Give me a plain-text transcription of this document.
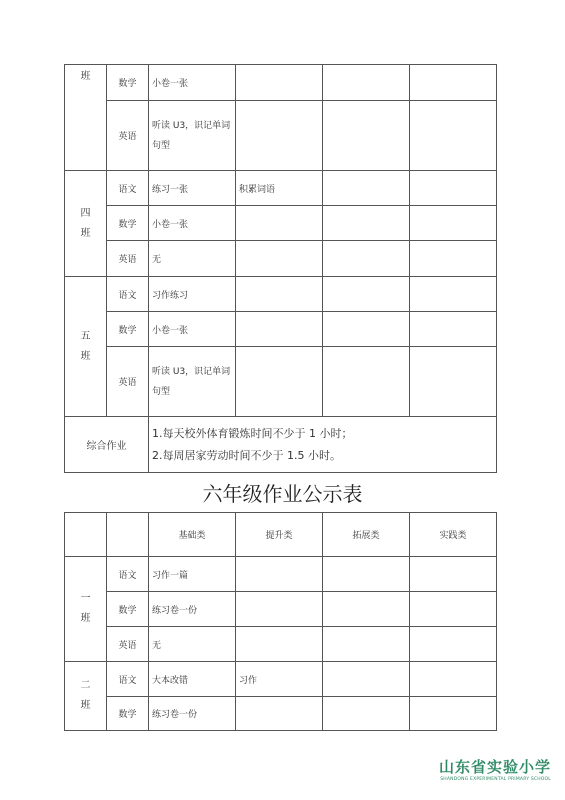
班	数学	小卷一张			
	英语	听读 U3，识记单词句型			
四
班	语文	练习一张	积累词语		
	数学	小卷一张			
	英语	无			
五
班	语文	习作练习			
	数学	小卷一张			
	英语	听读 U3，识记单词句型			
综合作业		1.每天校外体育锻炼时间不少于 1 小时；
2.每周居家劳动时间不少于 1.5 小时。			
六年级作业公示表
		基础类	提升类	拓展类	实践类
一
班	语文	习作一篇			
	数学	练习卷一份			
	英语	无			
二
班	语文	大本改错	习作		
	数学	练习卷一份			
山东省实验小学
SHANDONG EXPERIMENTAL PRIMARY SCHOOL
